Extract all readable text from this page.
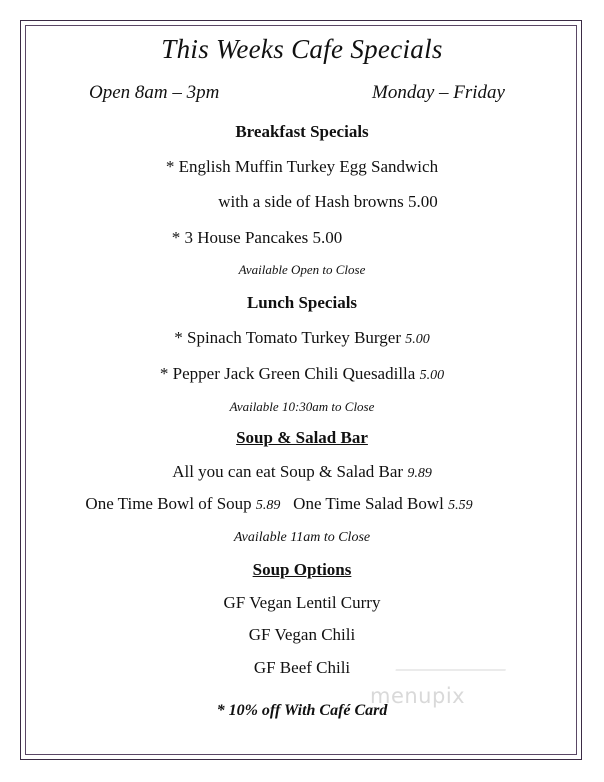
This Weeks Cafe Specials
Open 8am – 3pm	Monday – Friday
Breakfast Specials
* English Muffin Turkey Egg Sandwich
with a side of Hash browns 5.00
* 3 House Pancakes 5.00
Available Open to Close
Lunch Specials
* Spinach Tomato Turkey Burger 5.00
* Pepper Jack Green Chili Quesadilla 5.00
Available 10:30am to Close
Soup & Salad Bar
All you can eat Soup & Salad Bar 9.89
One Time Bowl of Soup 5.89 One Time Salad Bowl 5.59
Available 11am to Close
Soup Options
GF Vegan Lentil Curry
GF Vegan Chili
GF Beef Chili
menupix
* 10% off With Café Card
